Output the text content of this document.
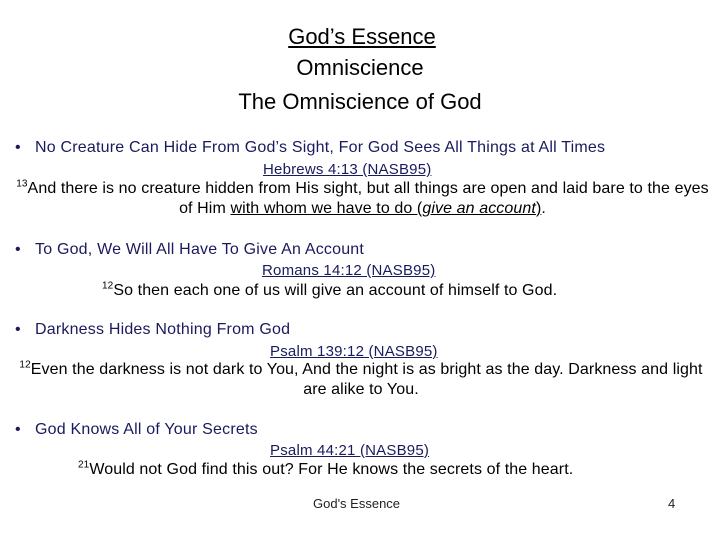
God’s Essence
Omniscience
The Omniscience of God
• No Creature Can Hide From God’s Sight, For God Sees All Things at All Times
Hebrews 4:13 (NASB95)
$^{13}$And there is no creature hidden from His sight, but all things are open and laid bare to the eyes of Him with whom we have to do (give an account).
• To God, We Will All Have To Give An Account
Romans 14:12 (NASB95)
$^{12}$So then each one of us will give an account of himself to God.
• Darkness Hides Nothing From God
Psalm 139:12 (NASB95)
$^{12}$Even the darkness is not dark to You, And the night is as bright as the day. Darkness and light are alike to You.
• God Knows All of Your Secrets
Psalm 44:21 (NASB95)
$^{21}$Would not God find this out? For He knows the secrets of the heart.
God's Essence	4
